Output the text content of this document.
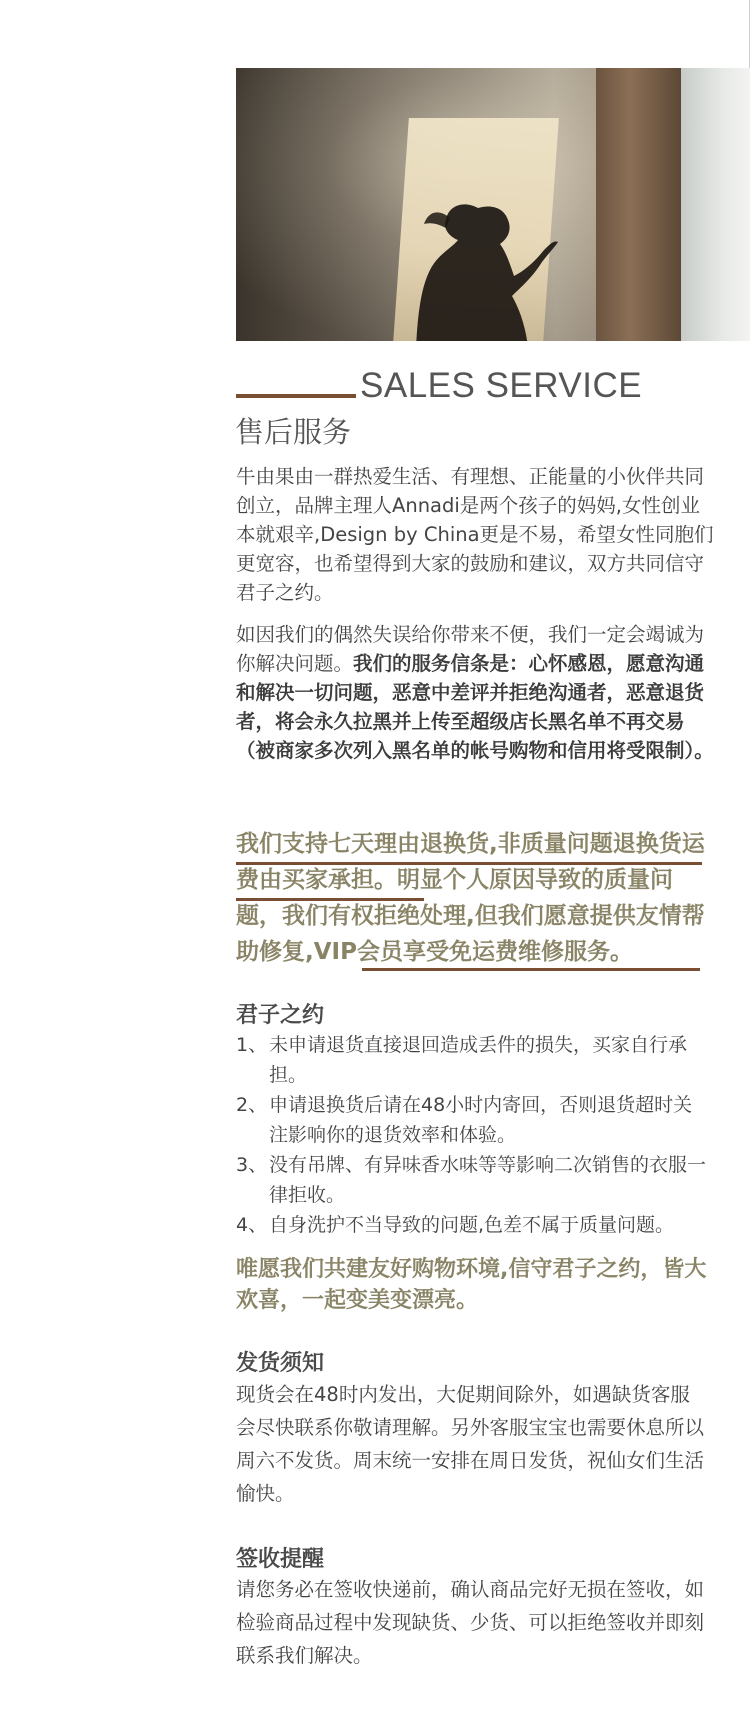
SALES SERVICE
售后服务
牛由果由一群热爱生活、有理想、正能量的小伙伴共同创立，品牌主理人Annadi是两个孩子的妈妈,女性创业本就艰辛,Design by China更是不易，希望女性同胞们更宽容，也希望得到大家的鼓励和建议，双方共同信守君子之约。
如因我们的偶然失误给你带来不便，我们一定会竭诚为你解决问题。我们的服务信条是：心怀感恩，愿意沟通和解决一切问题，恶意中差评并拒绝沟通者，恶意退货者，将会永久拉黑并上传至超级店长黑名单不再交易（被商家多次列入黑名单的帐号购物和信用将受限制）。
我们支持七天理由退换货,非质量问题退换货运费由买家承担。明显个人原因导致的质量问题，我们有权拒绝处理,但我们愿意提供友情帮助修复,VIP会员享受免运费维修服务。
君子之约
1、 未申请退货直接退回造成丢件的损失，买家自行承担。
2、 申请退换货后请在48小时内寄回，否则退货超时关注影响你的退货效率和体验。
3、 没有吊牌、有异味香水味等等影响二次销售的衣服一律拒收。
4、 自身洗护不当导致的问题,色差不属于质量问题。
唯愿我们共建友好购物环境,信守君子之约，皆大欢喜，一起变美变漂亮。
发货须知
现货会在48时内发出，大促期间除外，如遇缺货客服会尽快联系你敬请理解。另外客服宝宝也需要休息所以周六不发货。周末统一安排在周日发货，祝仙女们生活愉快。
签收提醒
请您务必在签收快递前，确认商品完好无损在签收，如检验商品过程中发现缺货、少货、可以拒绝签收并即刻联系我们解决。
